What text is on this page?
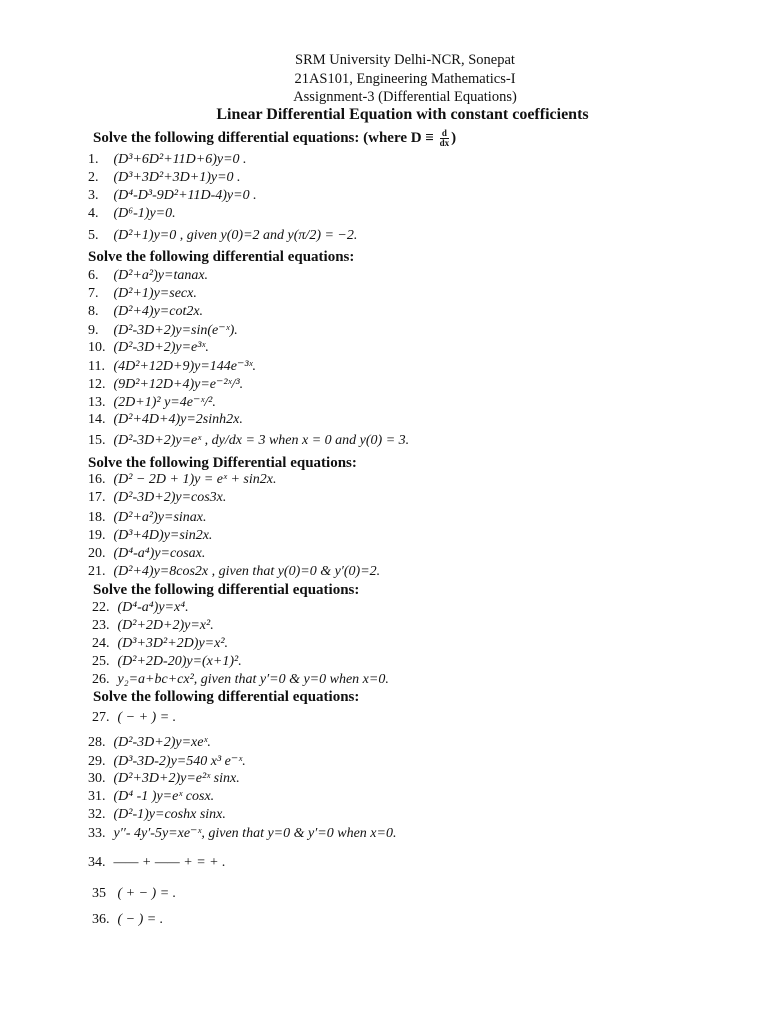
SRM University Delhi-NCR, Sonepat
21AS101, Engineering Mathematics-I
Assignment-3 (Differential Equations)
Linear Differential Equation with constant coefficients
Solve the following differential equations: (where $D \equiv \frac{d}{dx}$ )
1. (D³+6D²+11D+6)y=0 .
2. (D³+3D²+3D+1)y=0 .
3. (D⁴-D³-9D²+11D-4)y=0 .
4. (D⁶-1)y=0.
5. (D²+1)y=0 , given y(0)=2 and y(π/2) = −2.
6. (D²+a²)y=tanax.
7. (D²+1)y=secx.
8. (D²+4)y=cot2x.
9. (D²-3D+2)y=sin(e⁻ˣ).
10. (D²-3D+2)y=e³ˣ.
11. (4D²+12D+9)y=144e⁻³ˣ.
12. (9D²+12D+4)y=e⁻²ˣ/³.
13. (2D+1)² y=4e⁻ˣ/².
14. (D²+4D+4)y=2sinh2x.
15. (D²-3D+2)y=eˣ , dy/dx = 3 when x = 0 and y(0) = 3.
16. (D² − 2D + 1)y = eˣ + sin2x.
17. (D²-3D+2)y=cos3x.
18. (D²+a²)y=sinax.
19. (D³+4D)y=sin2x.
20. (D⁴-a⁴)y=cosax.
21. (D²+4)y=8cos2x , given that y(0)=0 & y′(0)=2.
22. (D⁴-a⁴)y=x⁴.
23. (D²+2D+2)y=x².
24. (D³+3D²+2D)y=x².
25. (D²+2D-20)y=(x+1)².
26. y₂=a+bc+cx², given that y′=0 & y=0 when x=0.
27. ( − + ) = .
28. (D²-3D+2)y=xeˣ.
29. (D³-3D-2)y=540 x³ e⁻ˣ.
30. (D²+3D+2)y=e²ˣ sinx.
31. (D⁴ -1 )y=eˣ cosx.
32. (D²-1)y=coshx sinx.
33. y′′- 4y′-5y=xe⁻ˣ, given that y=0 & y′=0 when x=0.
34. —— + —— + = + .
35 ( + − ) = .
36. ( − ) = .
Solve the following differential equations:
Solve the following Differential equations:
Solve the following differential equations:
Solve the following differential equations:
